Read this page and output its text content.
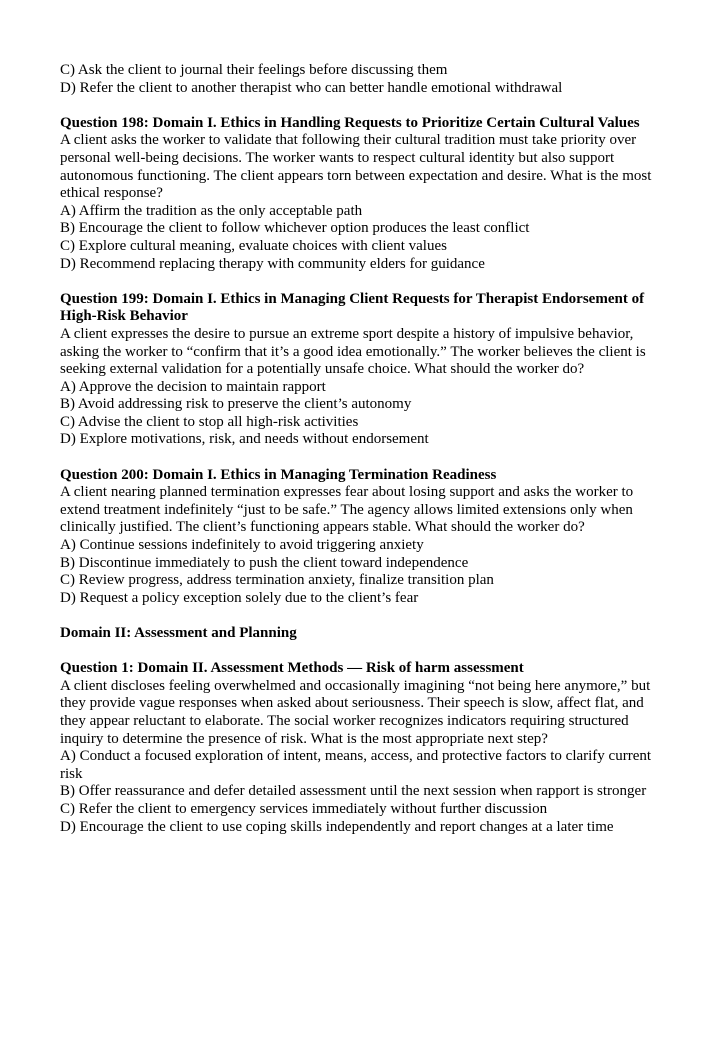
C) Ask the client to journal their feelings before discussing them
D) Refer the client to another therapist who can better handle emotional withdrawal
Question 198: Domain I. Ethics in Handling Requests to Prioritize Certain Cultural Values
A client asks the worker to validate that following their cultural tradition must take priority over personal well-being decisions. The worker wants to respect cultural identity but also support autonomous functioning. The client appears torn between expectation and desire. What is the most ethical response?
A) Affirm the tradition as the only acceptable path
B) Encourage the client to follow whichever option produces the least conflict
C) Explore cultural meaning, evaluate choices with client values
D) Recommend replacing therapy with community elders for guidance
Question 199: Domain I. Ethics in Managing Client Requests for Therapist Endorsement of High-Risk Behavior
A client expresses the desire to pursue an extreme sport despite a history of impulsive behavior, asking the worker to “confirm that it’s a good idea emotionally.” The worker believes the client is seeking external validation for a potentially unsafe choice. What should the worker do?
A) Approve the decision to maintain rapport
B) Avoid addressing risk to preserve the client’s autonomy
C) Advise the client to stop all high-risk activities
D) Explore motivations, risk, and needs without endorsement
Question 200: Domain I. Ethics in Managing Termination Readiness
A client nearing planned termination expresses fear about losing support and asks the worker to extend treatment indefinitely “just to be safe.” The agency allows limited extensions only when clinically justified. The client’s functioning appears stable. What should the worker do?
A) Continue sessions indefinitely to avoid triggering anxiety
B) Discontinue immediately to push the client toward independence
C) Review progress, address termination anxiety, finalize transition plan
D) Request a policy exception solely due to the client’s fear
Domain II: Assessment and Planning
Question 1: Domain II. Assessment Methods — Risk of harm assessment
A client discloses feeling overwhelmed and occasionally imagining “not being here anymore,” but they provide vague responses when asked about seriousness. Their speech is slow, affect flat, and they appear reluctant to elaborate. The social worker recognizes indicators requiring structured inquiry to determine the presence of risk. What is the most appropriate next step?
A) Conduct a focused exploration of intent, means, access, and protective factors to clarify current risk
B) Offer reassurance and defer detailed assessment until the next session when rapport is stronger
C) Refer the client to emergency services immediately without further discussion
D) Encourage the client to use coping skills independently and report changes at a later time
